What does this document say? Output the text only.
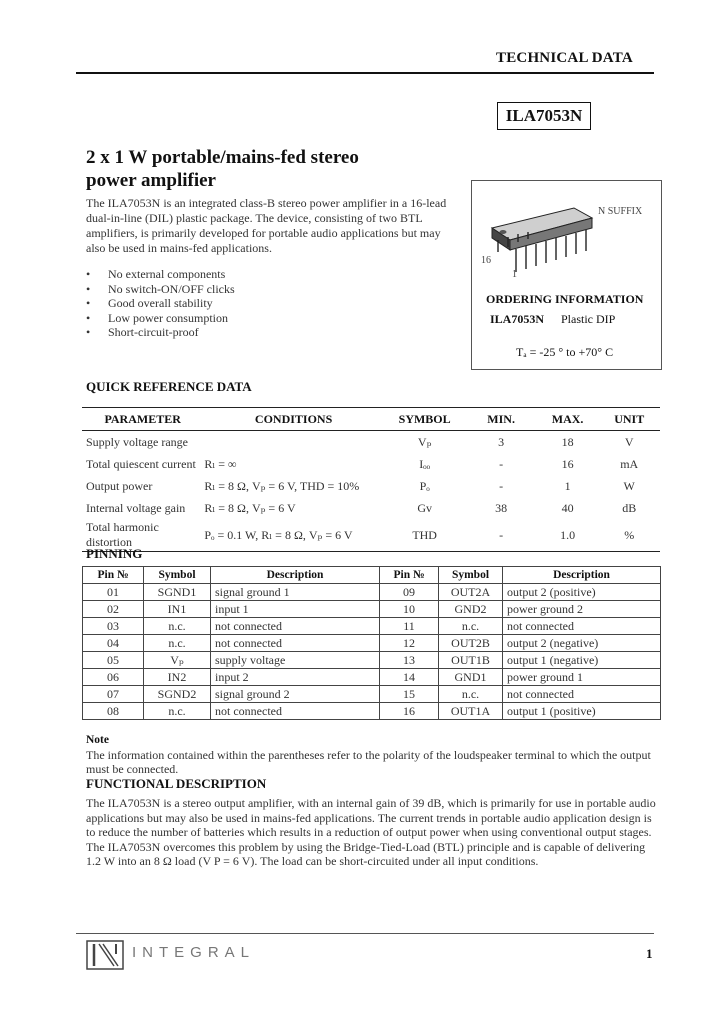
TECHNICAL DATA
ILA7053N
2 x 1 W portable/mains-fed stereo
power amplifier
The ILA7053N is an integrated class-B stereo power amplifier in a 16-lead dual-in-line (DIL) plastic package. The device, consisting of two BTL amplifiers, is primarily developed for portable audio applications but may also be used in mains-fed applications.
• No external components
• No switch-ON/OFF clicks
• Good overall stability
• Low power consumption
• Short-circuit-proof
N SUFFIX
16
1
ORDERING INFORMATION
ILA7053N Plastic DIP
Tₐ = -25 ° to +70° C
QUICK REFERENCE DATA
PARAMETER	CONDITIONS	SYMBOL	MIN.	MAX.	UNIT
Supply voltage range		Vₚ	3	18	V
Total quiescent current	Rₗ = ∞	Iₒₒ	-	16	mA
Output power	Rₗ = 8 Ω, Vₚ = 6 V, THD = 10%	Pₒ	-	1	W
Internal voltage gain	Rₗ = 8 Ω, Vₚ = 6 V	Gv	38	40	dB
Total harmonic distortion	Pₒ = 0.1 W, Rₗ = 8 Ω, Vₚ = 6 V	THD	-	1.0	%
PINNING
Pin №	Symbol	Description	Pin №	Symbol	Description
01	SGND1	signal ground 1	09	OUT2A	output 2 (positive)
02	IN1	input 1	10	GND2	power ground 2
03	n.c.	not connected	11	n.c.	not connected
04	n.c.	not connected	12	OUT2B	output 2 (negative)
05	Vₚ	supply voltage	13	OUT1B	output 1 (negative)
06	IN2	input 2	14	GND1	power ground 1
07	SGND2	signal ground 2	15	n.c.	not connected
08	n.c.	not connected	16	OUT1A	output 1 (positive)
Note
The information contained within the parentheses refer to the polarity of the loudspeaker terminal to which the output must be connected.
FUNCTIONAL DESCRIPTION
The ILA7053N is a stereo output amplifier, with an internal gain of 39 dB, which is primarily for use in portable audio applications but may also be used in mains-fed applications. The current trends in portable audio application design is to reduce the number of batteries which results in a reduction of output power when using conventional output stages.
The ILA7053N overcomes this problem by using the Bridge-Tied-Load (BTL) principle and is capable of delivering 1.2 W into an 8 Ω load (V P = 6 V). The load can be short-circuited under all input conditions.
INTEGRAL	1
